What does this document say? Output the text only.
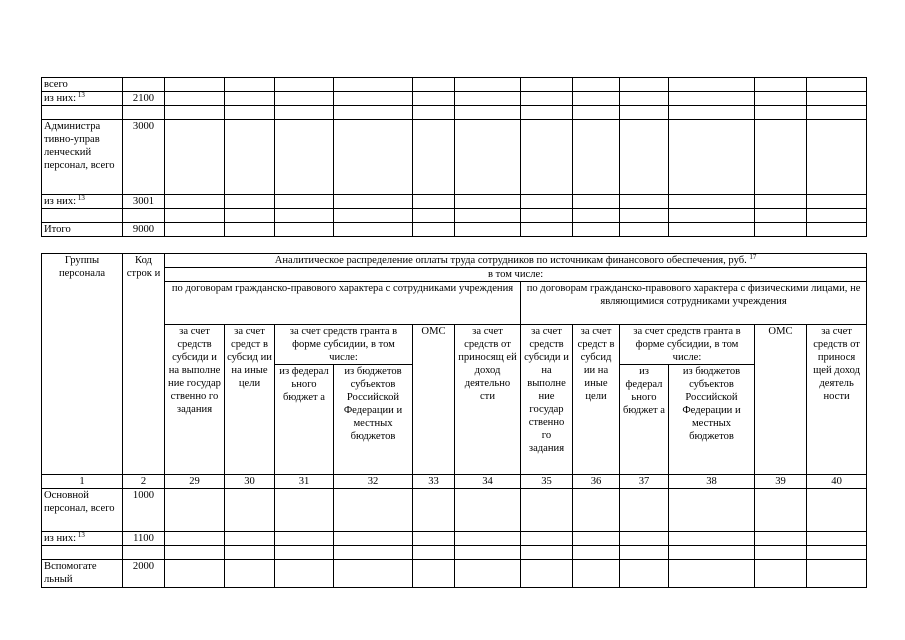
всего													
из них: $^{13}$	2100												

Администра тивно-управ ленческий персонал, всего	3000												
из них: $^{13}$	3001												

Итого	9000												
Группы персонала	Код строк и	Аналитическое распределение оплаты труда сотрудников по источникам финансового обеспечения, руб. $^{17}$
		в том числе:											
		по договорам гражданско-правового характера с сотрудниками учреждения						по договорам гражданско-правового характера с физическими лицами, не являющимися сотрудниками учреждения					
		за счет средств субсиди и на выполне ние государ ственно го задания	за счет средст в субсид ии на иные цели	за счет средств гранта в форме субсидии, в том числе:		ОМС	за счет средств от приносящ ей доход деятельно сти	за счет средств субсиди и на выполне ние государ ственно го задания	за счет средст в субсид ии на иные цели	за счет средств гранта в форме субсидии, в том числе:		ОМС	за счет средств от принося щей доход деятель ности
				из федерал ьного бюджет а	из бюджетов субъектов Российской Федерации и местных бюджетов					из федерал ьного бюджет а	из бюджетов субъектов Российской Федерации и местных бюджетов		
1	2	29	30	31	32	33	34	35	36	37	38	39	40
Основной персонал, всего	1000												
из них: $^{13}$	1100												

Вспомогате льный	2000												
